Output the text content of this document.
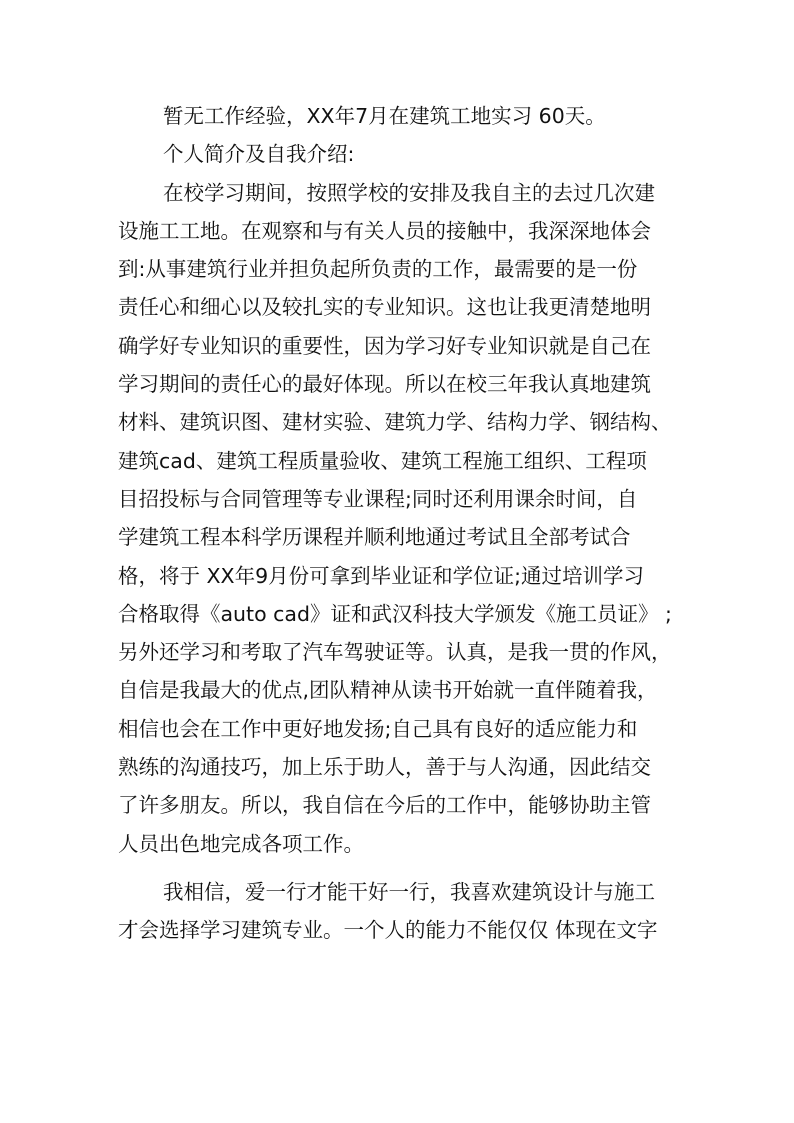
暂无工作经验，XX年7月在建筑工地实习 60天。
个人简介及自我介绍:
在校学习期间，按照学校的安排及我自主的去过几次建
设施工工地。在观察和与有关人员的接触中，我深深地体会
到:从事建筑行业并担负起所负责的工作，最需要的是一份
责任心和细心以及较扎实的专业知识。这也让我更清楚地明
确学好专业知识的重要性，因为学习好专业知识就是自己在
学习期间的责任心的最好体现。所以在校三年我认真地建筑
材料、建筑识图、建材实验、建筑力学、结构力学、钢结构、
建筑cad、建筑工程质量验收、建筑工程施工组织、工程项
目招投标与合同管理等专业课程;同时还利用课余时间，自
学建筑工程本科学历课程并顺利地通过考试且全部考试合
格，将于 XX年9月份可拿到毕业证和学位证;通过培训学习
合格取得《auto cad》证和武汉科技大学颁发《施工员证》 ;
另外还学习和考取了汽车驾驶证等。认真，是我一贯的作风，
自信是我最大的优点,团队精神从读书开始就一直伴随着我，
相信也会在工作中更好地发扬;自己具有良好的适应能力和
熟练的沟通技巧，加上乐于助人，善于与人沟通，因此结交
了许多朋友。所以，我自信在今后的工作中，能够协助主管
人员出色地完成各项工作。
我相信，爱一行才能干好一行，我喜欢建筑设计与施工
才会选择学习建筑专业。一个人的能力不能仅仅 体现在文字
